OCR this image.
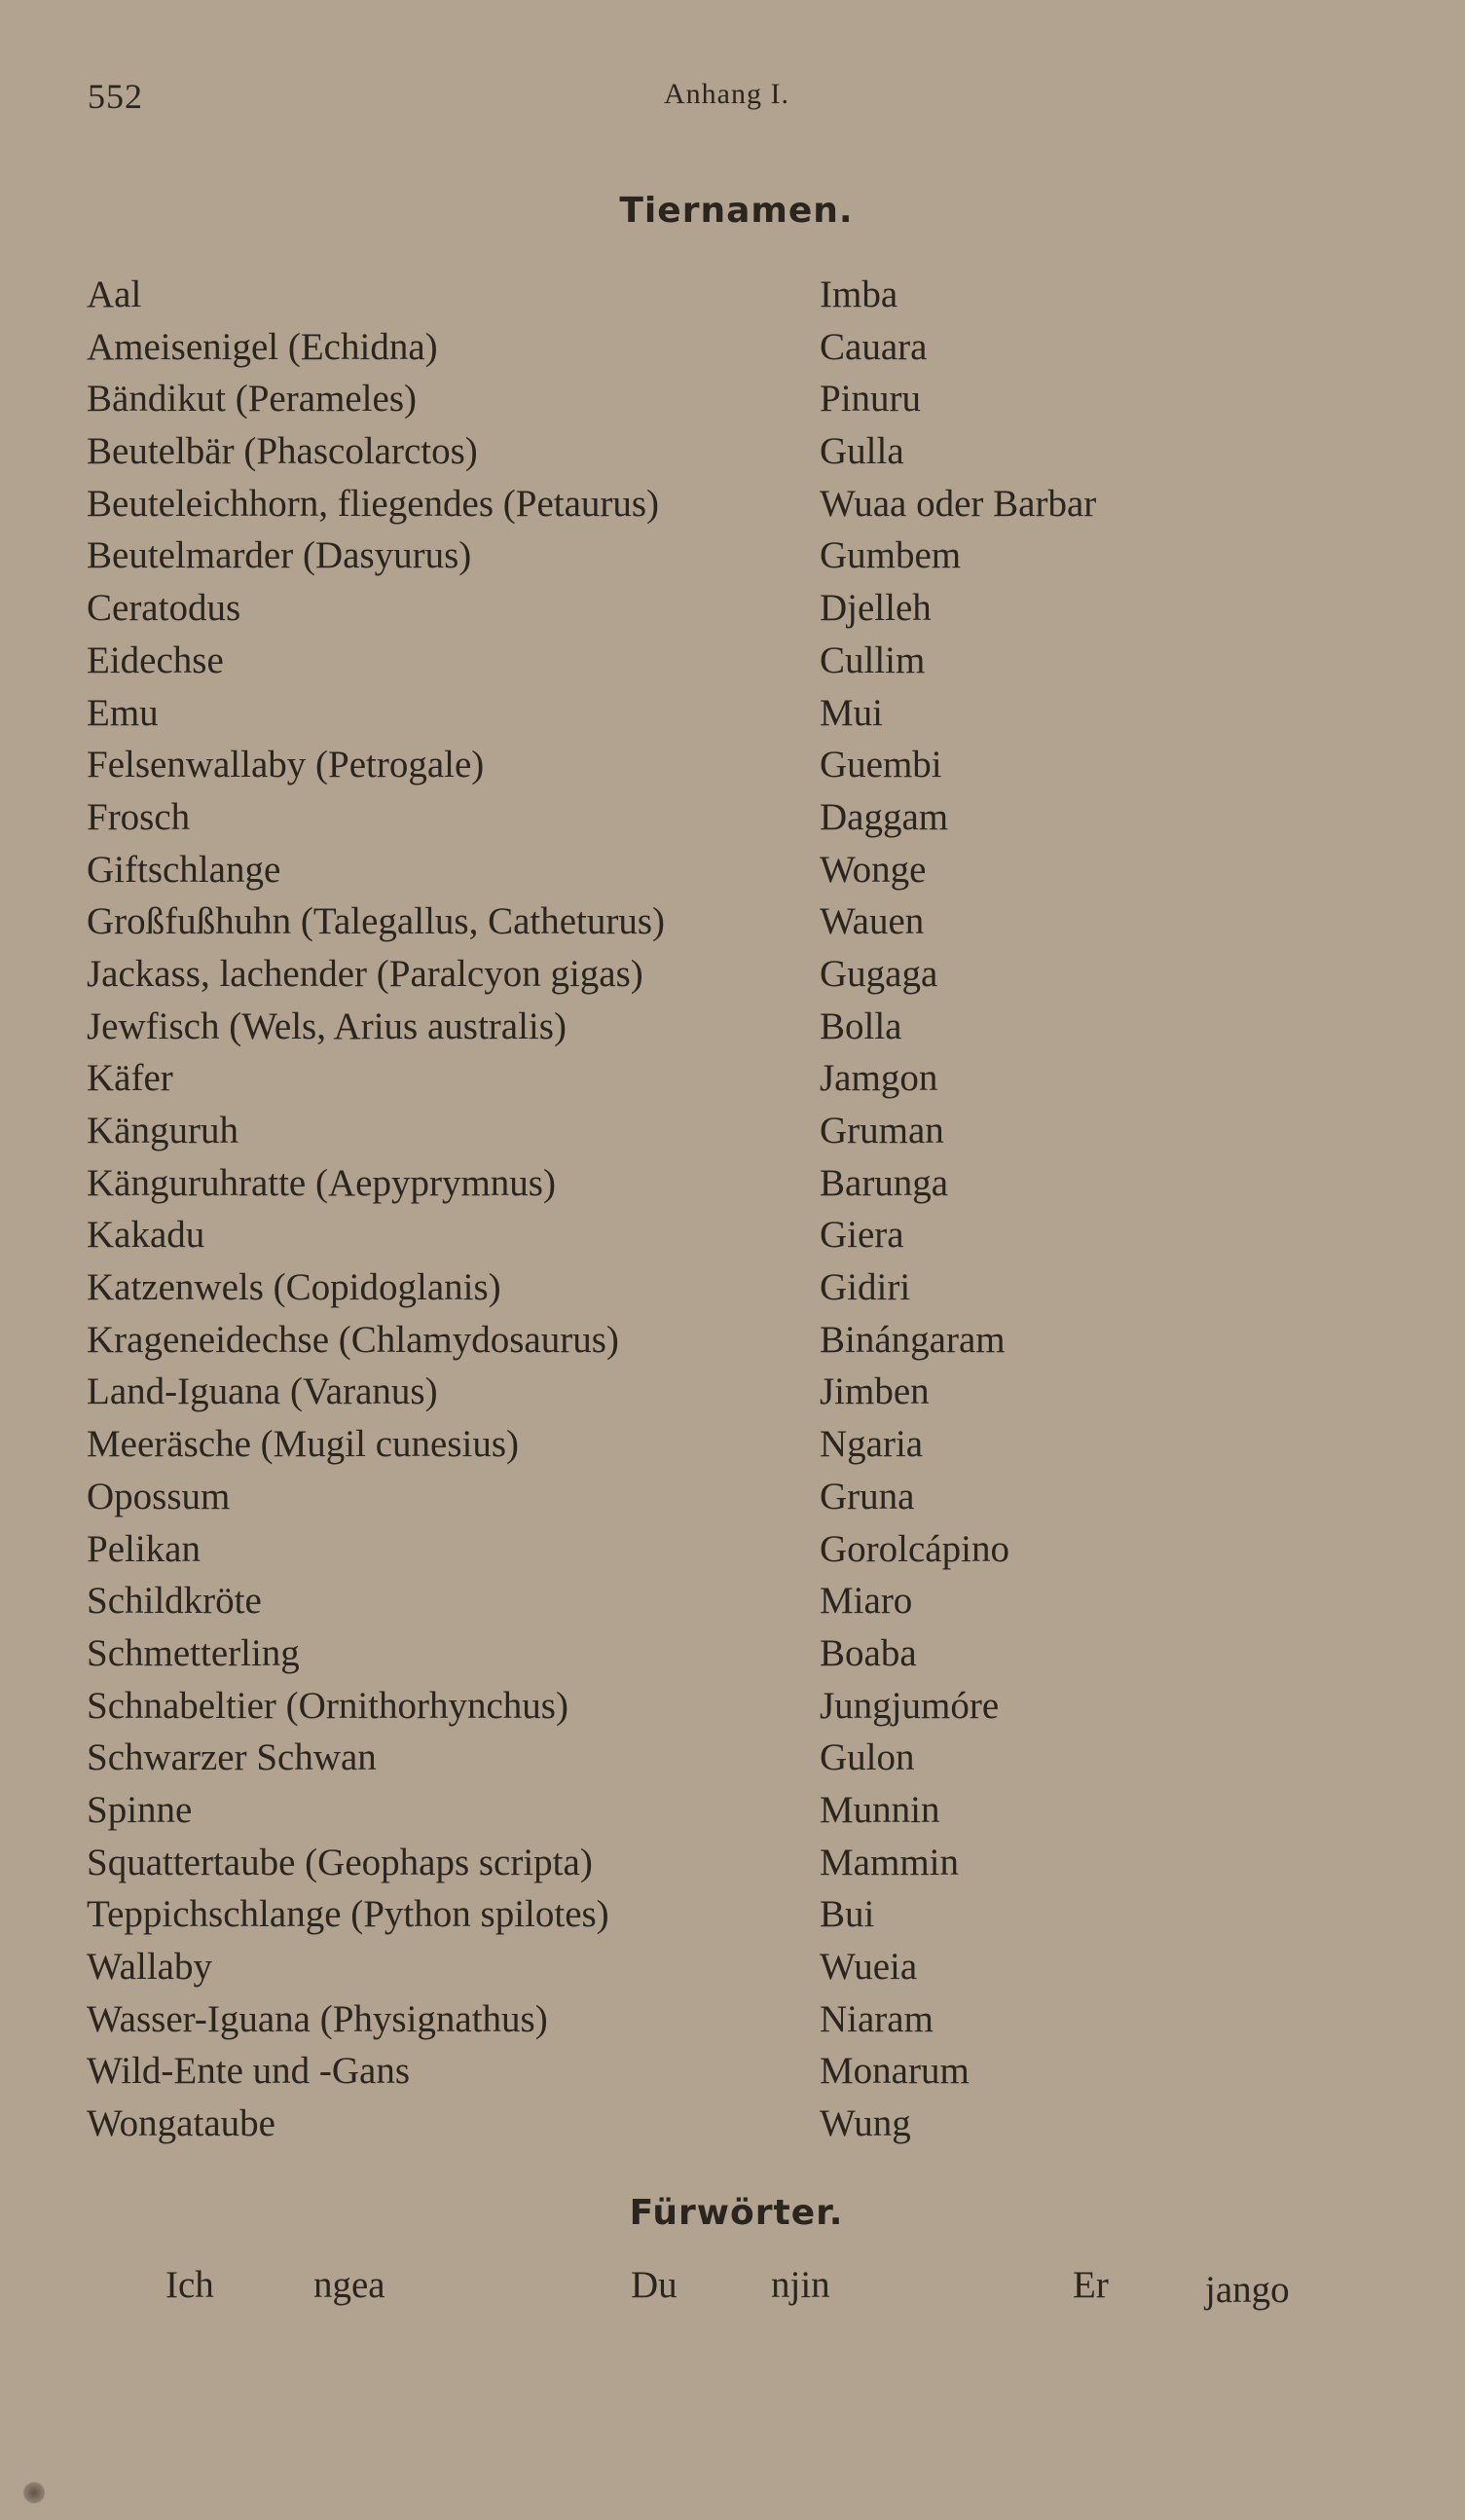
552	Anhang I.
Tiernamen.
Aal	Imba
Ameisenigel (Echidna)	Cauara
Bändikut (Perameles)	Pinuru
Beutelbär (Phascolarctos)	Gulla
Beuteleichhorn, fliegendes (Petaurus)	Wuaa oder Barbar
Beutelmarder (Dasyurus)	Gumbem
Ceratodus	Djelleh
Eidechse	Cullim
Emu	Mui
Felsenwallaby (Petrogale)	Guembi
Frosch	Daggam
Giftschlange	Wonge
Großfußhuhn (Talegallus, Catheturus)	Wauen
Jackass, lachender (Paralcyon gigas)	Gugaga
Jewfisch (Wels, Arius australis)	Bolla
Käfer	Jamgon
Känguruh	Gruman
Känguruhratte (Aepyprymnus)	Barunga
Kakadu	Giera
Katzenwels (Copidoglanis)	Gidiri
Krageneidechse (Chlamydosaurus)	Binángaram
Land-Iguana (Varanus)	Jimben
Meeräsche (Mugil cunesius)	Ngaria
Opossum	Gruna
Pelikan	Gorolcápino
Schildkröte	Miaro
Schmetterling	Boaba
Schnabeltier (Ornithorhynchus)	Jungjumóre
Schwarzer Schwan	Gulon
Spinne	Munnin
Squattertaube (Geophaps scripta)	Mammin
Teppichschlange (Python spilotes)	Bui
Wallaby	Wueia
Wasser-Iguana (Physignathus)	Niaram
Wild-Ente und -Gans	Monarum
Wongataube	Wung
Fürwörter.
Ich	ngea	Du njin	Er	jango
